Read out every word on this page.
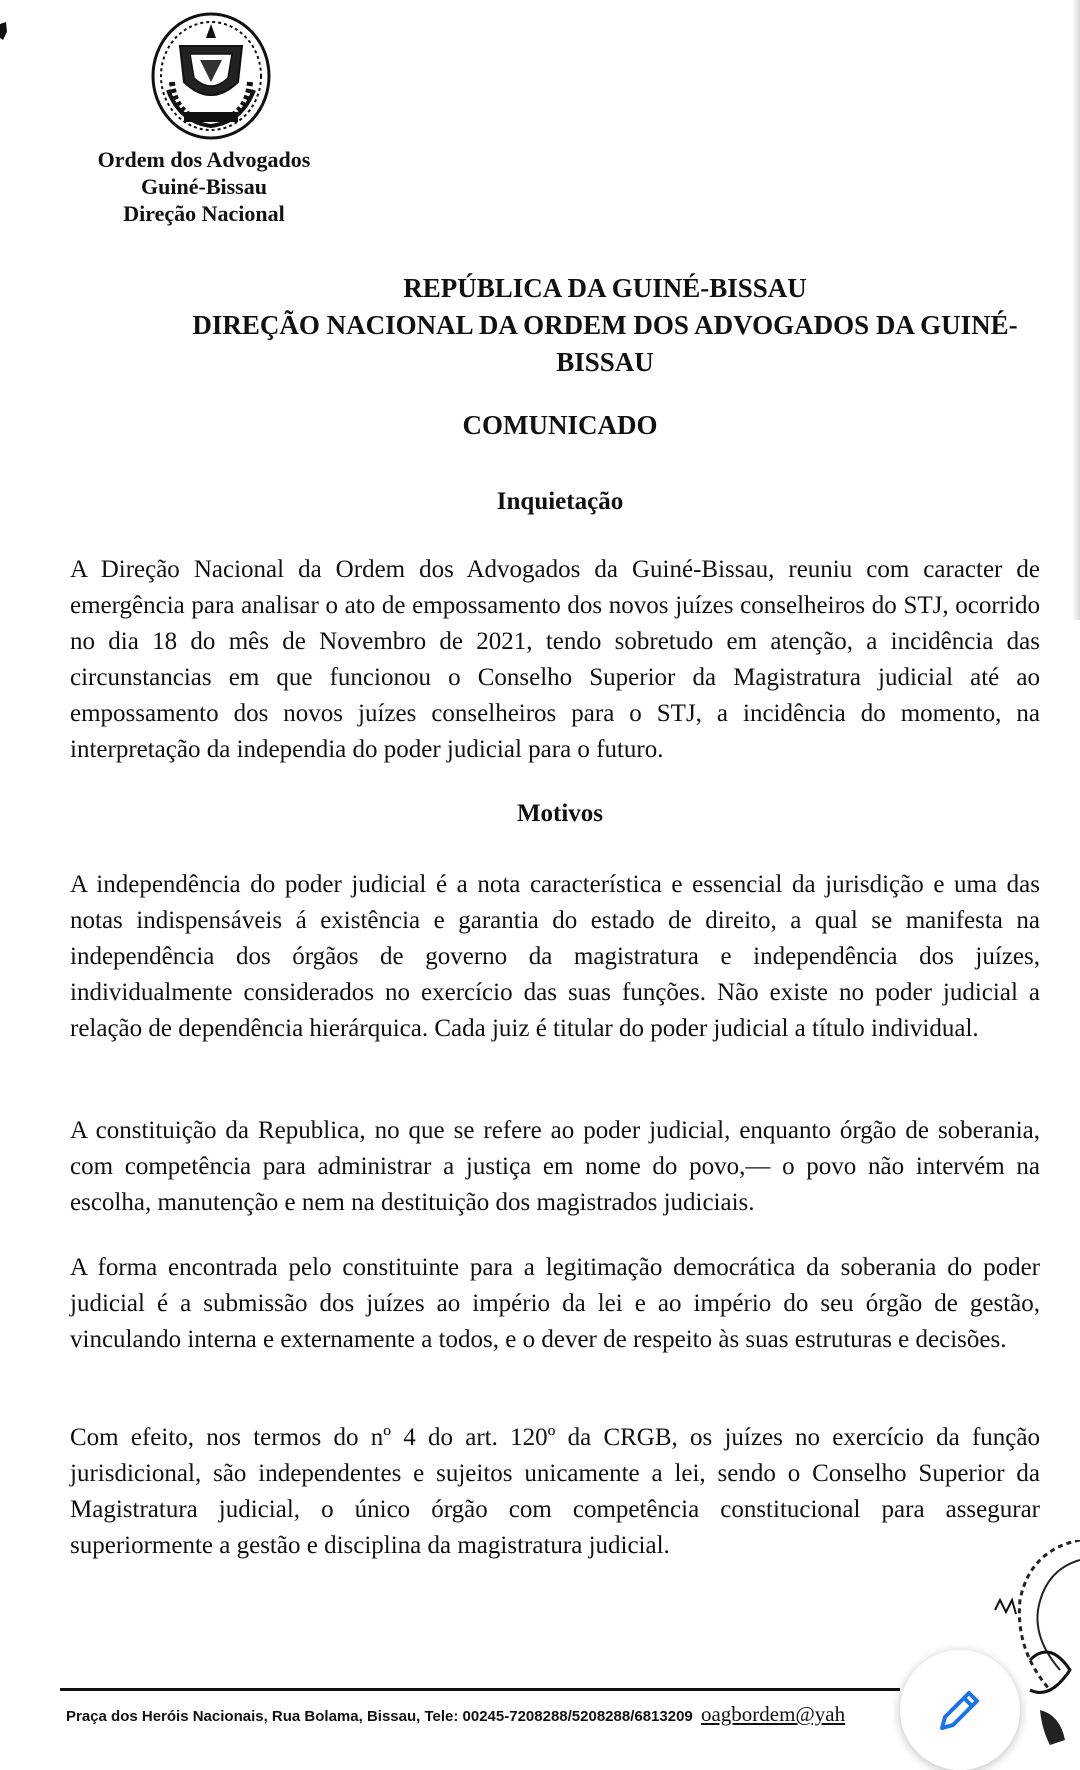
Ordem dos Advogados
Guiné-Bissau
Direção Nacional
REPÚBLICA DA GUINÉ-BISSAU
DIREÇÃO NACIONAL DA ORDEM DOS ADVOGADOS DA GUINÉ-
BISSAU
COMUNICADO
Inquietação

A Direção Nacional da Ordem dos Advogados da Guiné-Bissau, reuniu com caracter de emergência para analisar o ato de empossamento dos novos juízes conselheiros do STJ, ocorrido no dia 18 do mês de Novembro de 2021, tendo sobretudo em atenção, a incidência das circunstancias em que funcionou o Conselho Superior da Magistratura judicial até ao empossamento dos novos juízes conselheiros para o STJ, a incidência do momento, na interpretação da independia do poder judicial para o futuro.

Motivos

A independência do poder judicial é a nota característica e essencial da jurisdição e uma das notas indispensáveis á existência e garantia do estado de direito, a qual se manifesta na independência dos órgãos de governo da magistratura e independência dos juízes, individualmente considerados no exercício das suas funções. Não existe no poder judicial a relação de dependência hierárquica. Cada juiz é titular do poder judicial a título individual.

A constituição da Republica, no que se refere ao poder judicial, enquanto órgão de soberania, com competência para administrar a justiça em nome do povo,— o povo não intervém na escolha, manutenção e nem na destituição dos magistrados judiciais.

A forma encontrada pelo constituinte para a legitimação democrática da soberania do poder judicial é a submissão dos juízes ao império da lei e ao império do seu órgão de gestão, vinculando interna e externamente a todos, e o dever de respeito às suas estruturas e decisões.

Com efeito, nos termos do nº 4 do art. 120º da CRGB, os juízes no exercício da função jurisdicional, são independentes e sujeitos unicamente a lei, sendo o Conselho Superior da Magistratura judicial, o único órgão com competência constitucional para assegurar superiormente a gestão e disciplina da magistratura judicial.

Praça dos Heróis Nacionais, Rua Bolama, Bissau, Tele: 00245-7208288/5208288/6813209 oagbordem@yah
